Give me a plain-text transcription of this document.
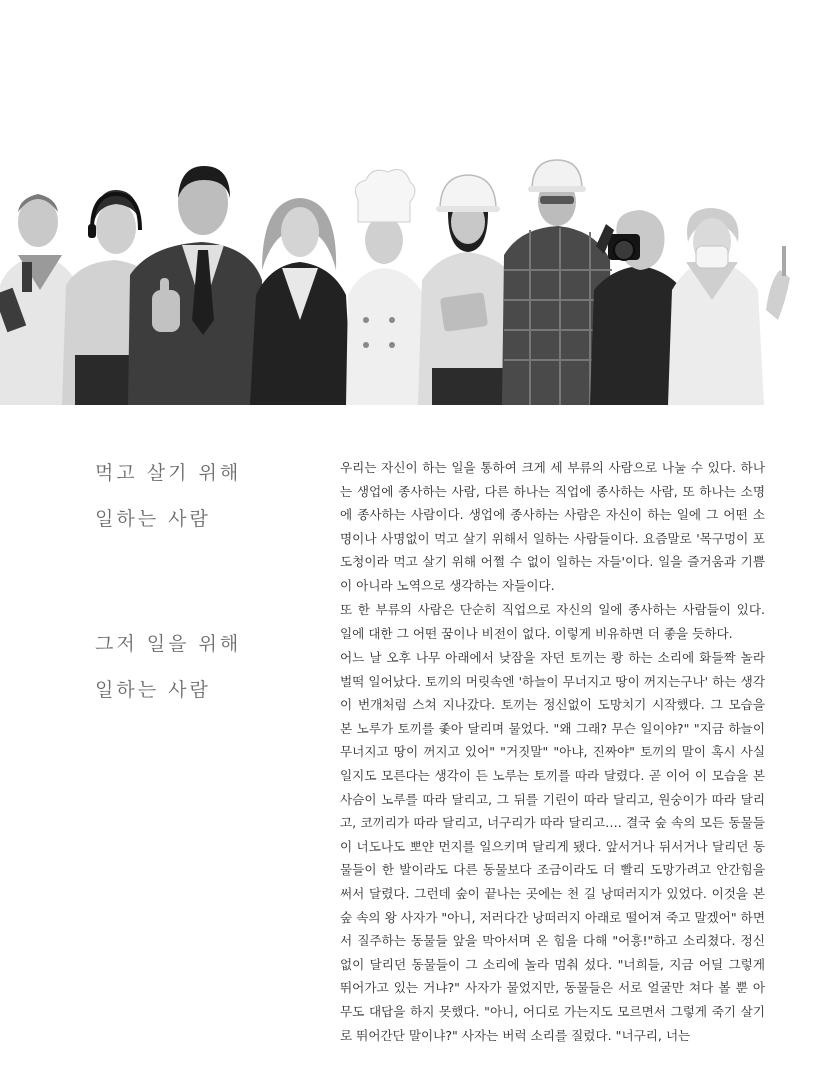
먹고 살기 위해
일하는 사람
그저 일을 위해
일하는 사람

우리는 자신이 하는 일을 통하여 크게 세 부류의 사람으로 나눌 수 있다. 하나는 생업에 종사하는 사람, 다른 하나는 직업에 종사하는 사람, 또 하나는 소명에 종사하는 사람이다. 생업에 종사하는 사람은 자신이 하는 일에 그 어떤 소명이나 사명없이 먹고 살기 위해서 일하는 사람들이다. 요즘말로 '목구멍이 포도청이라 먹고 살기 위해 어쩔 수 없이 일하는 자들'이다. 일을 즐거움과 기쁨이 아니라 노역으로 생각하는 자들이다.

또 한 부류의 사람은 단순히 직업으로 자신의 일에 종사하는 사람들이 있다. 일에 대한 그 어떤 꿈이나 비전이 없다. 이렇게 비유하면 더 좋을 듯하다.

어느 날 오후 나무 아래에서 낮잠을 자던 토끼는 쾅 하는 소리에 화들짝 놀라 벌떡 일어났다. 토끼의 머릿속엔 '하늘이 무너지고 땅이 꺼지는구나' 하는 생각이 번개처럼 스쳐 지나갔다. 토끼는 정신없이 도망치기 시작했다. 그 모습을 본 노루가 토끼를 좇아 달리며 물었다. "왜 그래? 무슨 일이야?" "지금 하늘이 무너지고 땅이 꺼지고 있어" "거짓말" "아냐, 진짜야" 토끼의 말이 혹시 사실일지도 모른다는 생각이 든 노루는 토끼를 따라 달렸다. 곧 이어 이 모습을 본 사슴이 노루를 따라 달리고, 그 뒤를 기린이 따라 달리고, 원숭이가 따라 달리고, 코끼리가 따라 달리고, 너구리가 따라 달리고…. 결국 숲 속의 모든 동물들이 너도나도 뽀얀 먼지를 일으키며 달리게 됐다. 앞서거나 뒤서거나 달리던 동물들이 한 발이라도 다른 동물보다 조금이라도 더 빨리 도망가려고 안간힘을 써서 달렸다. 그런데 숲이 끝나는 곳에는 천 길 낭떠러지가 있었다. 이것을 본 숲 속의 왕 사자가 "아니, 저러다간 낭떠러지 아래로 떨어져 죽고 말겠어" 하면서 질주하는 동물들 앞을 막아서며 온 힘을 다해 "어흥!"하고 소리쳤다. 정신없이 달리던 동물들이 그 소리에 놀라 멈춰 섰다. "너희들, 지금 어딜 그렇게 뛰어가고 있는 거냐?" 사자가 물었지만, 동물들은 서로 얼굴만 쳐다 볼 뿐 아무도 대답을 하지 못했다. "아니, 어디로 가는지도 모르면서 그렇게 죽기 살기로 뛰어간단 말이냐?" 사자는 버럭 소리를 질렀다. "너구리, 너는
